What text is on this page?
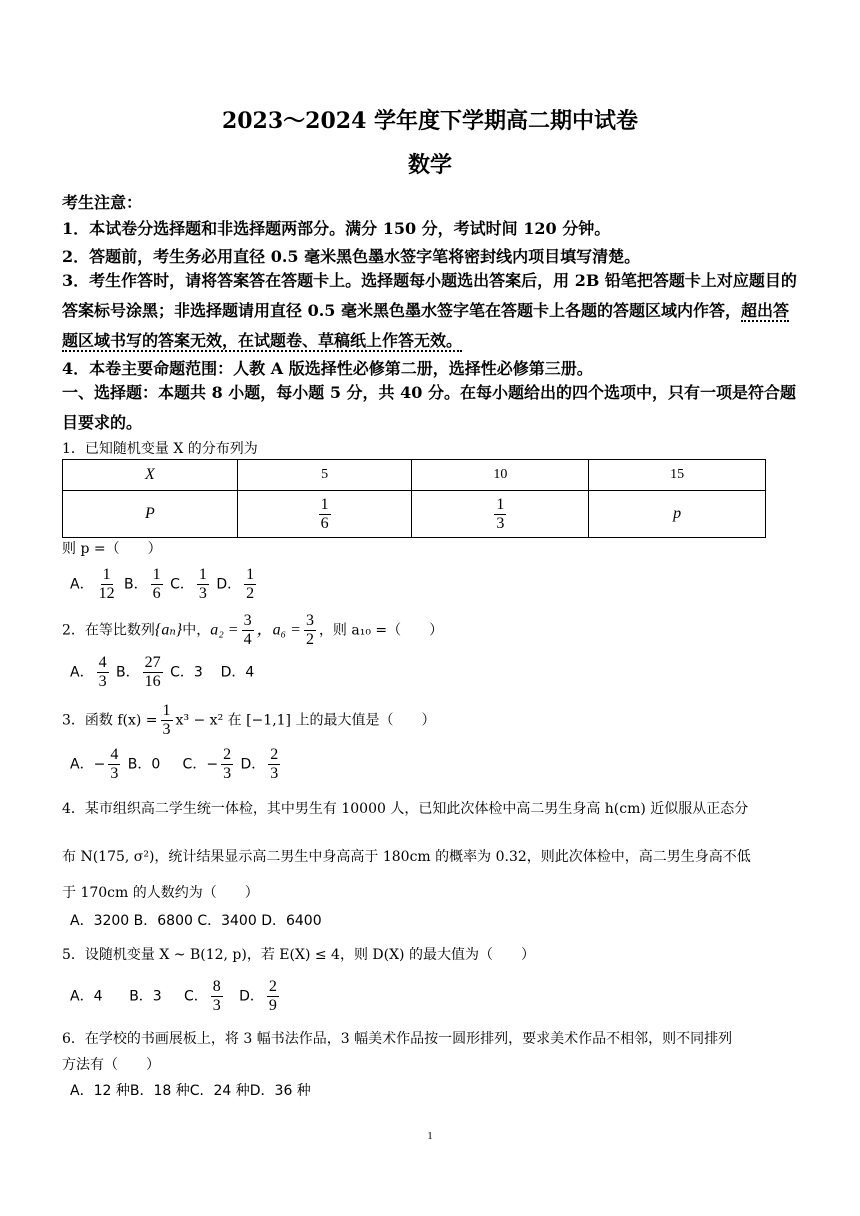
2023～2024 学年度下学期高二期中试卷
数学
考生注意：
1．本试卷分选择题和非选择题两部分。满分 150 分，考试时间 120 分钟。
2．答题前，考生务必用直径 0.5 毫米黑色墨水签字笔将密封线内项目填写清楚。
3．考生作答时，请将答案答在答题卡上。选择题每小题选出答案后，用 2B 铅笔把答题卡上对应题目的答案标号涂黑；非选择题请用直径 0.5 毫米黑色墨水签字笔在答题卡上各题的答题区域内作答，超出答题区域书写的答案无效，在试题卷、草稿纸上作答无效。
4．本卷主要命题范围：人教 A 版选择性必修第二册，选择性必修第三册。
一、选择题：本题共 8 小题，每小题 5 分，共 40 分。在每小题给出的四个选项中，只有一项是符合题目要求的。
1．已知随机变量 X 的分布列为
X	5	10	15
P	$\frac{1}{6}$	$\frac{1}{3}$	p
则 p =（　　）
A． $\frac{1}{12}$ B． $\frac{1}{6}$ C． $\frac{1}{3}$ D． $\frac{1}{2}$
2．在等比数列{aₙ}中，$a_2 = \frac{3}{4}$ ，$a_6 = \frac{3}{2}$ ，则 a₁₀ =（　　）
A． $\frac{4}{3}$ B． $\frac{27}{16}$ C．3 D．4
3．函数 $f(x) = \frac{1}{3} x^3 - x^2$ 在 [−1,1] 上的最大值是（　　）
A．− $\frac{4}{3}$ B．0 C．− $\frac{2}{3}$ D． $\frac{2}{3}$
4．某市组织高二学生统一体检，其中男生有 10000 人，已知此次体检中高二男生身高 h(cm) 近似服从正态分
布 N(175, σ²)，统计结果显示高二男生中身高高于 180cm 的概率为 0.32，则此次体检中，高二男生身高不低
于 170cm 的人数约为（　　）
A．3200 B．6800 C．3400 D．6400
5．设随机变量 X ~ B(12, p)，若 E(X) ≤ 4，则 D(X) 的最大值为（　　）
A．4 B．3 C． $\frac{8}{3}$ D． $\frac{2}{9}$
6．在学校的书画展板上，将 3 幅书法作品，3 幅美术作品按一圆形排列，要求美术作品不相邻，则不同排列
方法有（　　）
A．12 种B．18 种C．24 种D．36 种
1
